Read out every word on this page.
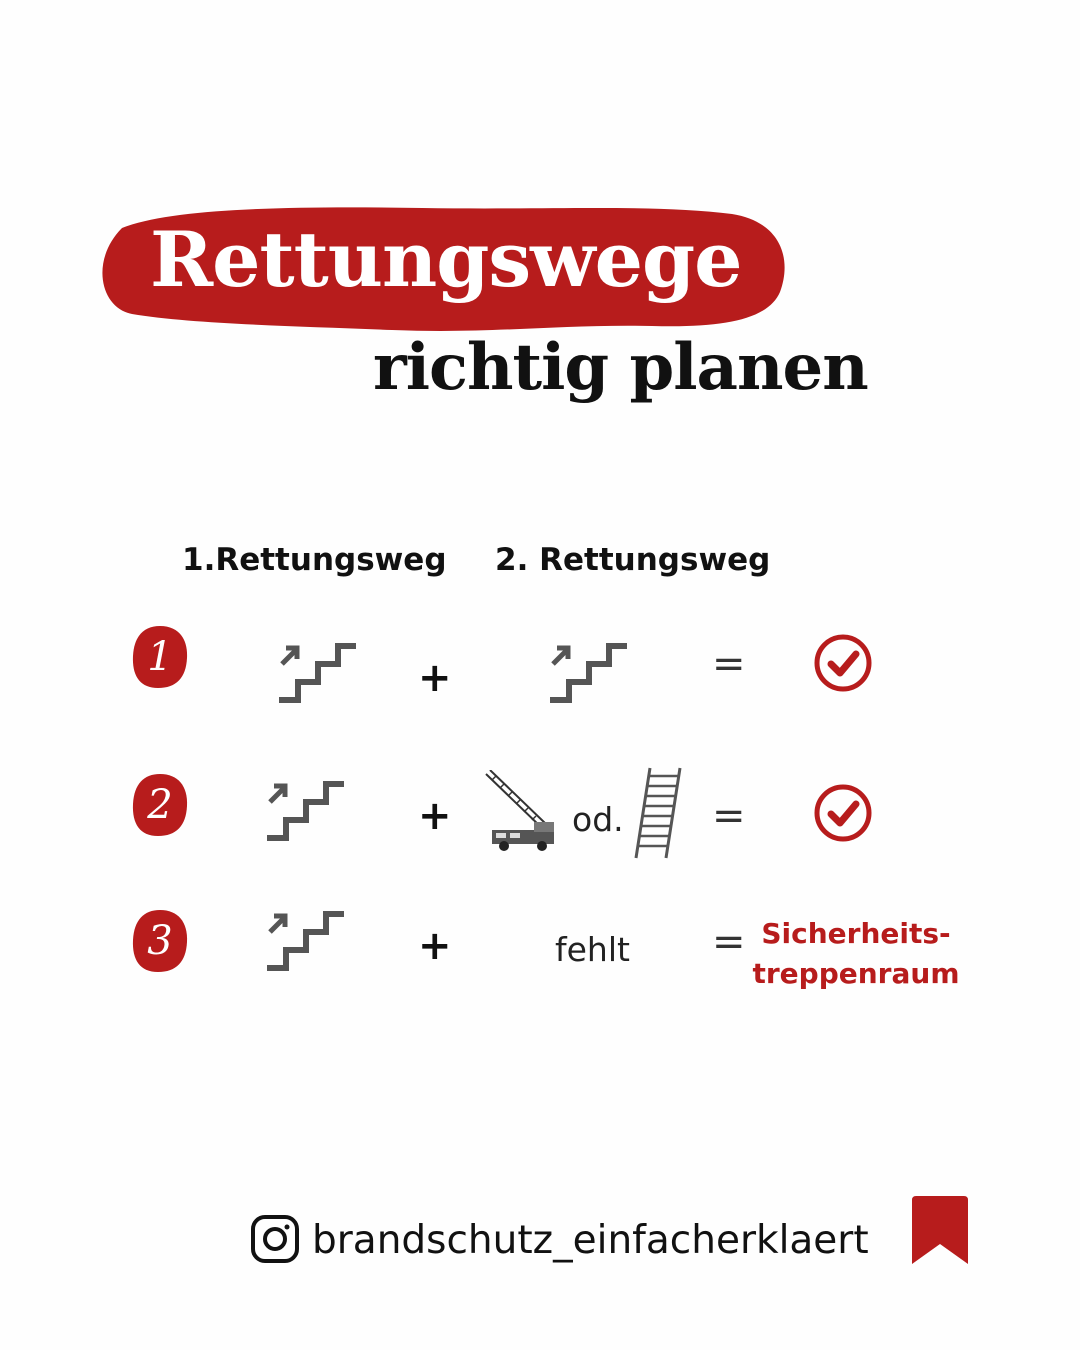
Rettungswege
richtig planen
1.Rettungsweg 2. Rettungsweg
1	+	=
2	+	od. =
3	+	fehlt = Sicherheits-
treppenraum
brandschutz_einfacherklaert
